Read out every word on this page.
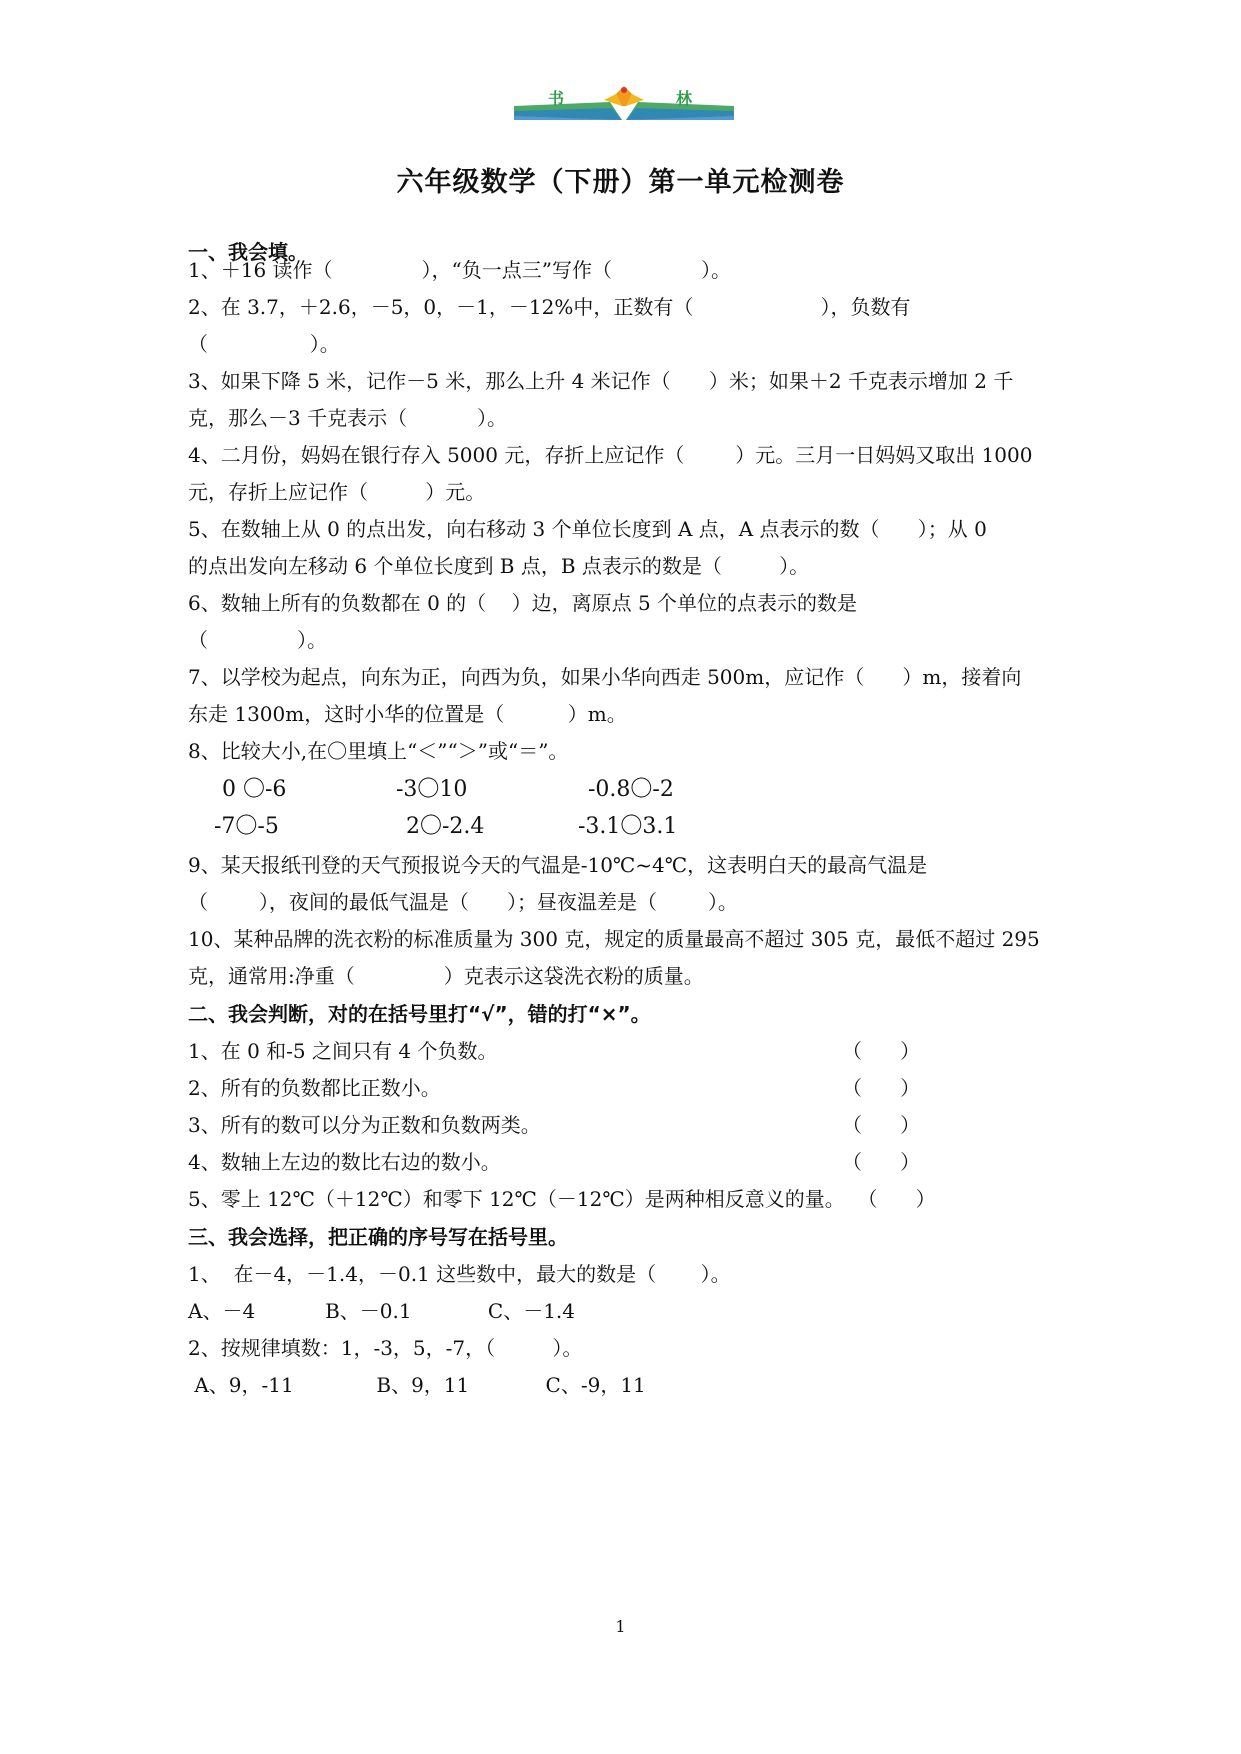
书	林
六年级数学（下册）第一单元检测卷
一、我会填。
1、＋16 读作（              ），“负一点三”写作（              ）。
2、在 3.7，＋2.6，－5，0，－1，－12%中，正数有（                    ），负数有
（                ）。
3、如果下降 5 米，记作－5 米，那么上升 4 米记作（      ）米；如果＋2 千克表示增加 2 千
克，那么－3 千克表示（           ）。
4、二月份，妈妈在银行存入 5000 元，存折上应记作（        ）元。三月一日妈妈又取出 1000
元，存折上应记作（         ）元。
5、在数轴上从 0 的点出发，向右移动 3 个单位长度到 A 点，A 点表示的数（      ）；从 0
的点出发向左移动 6 个单位长度到 B 点，B 点表示的数是（         ）。
6、数轴上所有的负数都在 0 的（    ）边，离原点 5 个单位的点表示的数是
（              ）。
7、以学校为起点，向东为正，向西为负，如果小华向西走 500m，应记作（      ）m，接着向
东走 1300m，这时小华的位置是（          ）m。
8、比较大小,在〇里填上“＜”“＞”或“＝”。
0 〇-6	-3〇10	-0.8〇-2
-7〇-5	2〇-2.4	-3.1〇3.1
9、某天报纸刊登的天气预报说今天的气温是-10℃~4℃，这表明白天的最高气温是
（        ），夜间的最低气温是（      ）；昼夜温差是（        ）。
10、某种品牌的洗衣粉的标准质量为 300 克，规定的质量最高不超过 305 克，最低不超过 295
克，通常用:净重（              ）克表示这袋洗衣粉的质量。
二、我会判断，对的在括号里打“√”，错的打“×”。
1、在 0 和-5 之间只有 4 个负数。	（      ）
2、所有的负数都比正数小。	（      ）
3、所有的数可以分为正数和负数两类。	（      ）
4、数轴上左边的数比右边的数小。	（      ）
5、零上 12℃（＋12℃）和零下 12℃（－12℃）是两种相反意义的量。  （      ）
三、我会选择，把正确的序号写在括号里。
1、  在－4，－1.4，－0.1 这些数中，最大的数是（       ）。
A、－4           B、－0.1            C、－1.4
2、按规律填数：1，-3，5，-7，（         ）。
A、9，-11             B、9，11            C、-9，11
1
